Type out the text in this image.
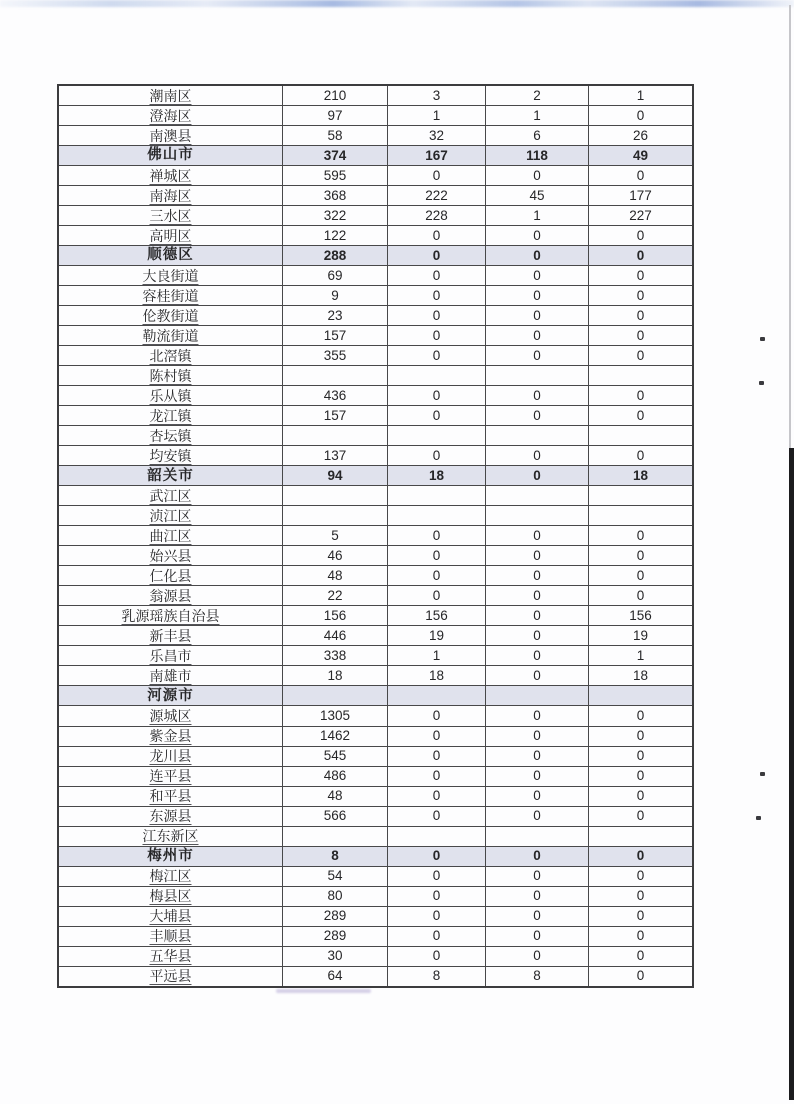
潮南区	210	3	2	1
澄海区	97	1	1	0
南澳县	58	32	6	26
佛山市	374	167	118	49
禅城区	595	0	0	0
南海区	368	222	45	177
三水区	322	228	1	227
高明区	122	0	0	0
顺德区	288	0	0	0
大良街道	69	0	0	0
容桂街道	9	0	0	0
伦教街道	23	0	0	0
勒流街道	157	0	0	0
北滘镇	355	0	0	0
陈村镇
乐从镇	436	0	0	0
龙江镇	157	0	0	0
杏坛镇
均安镇	137	0	0	0
韶关市	94	18	0	18
武江区
浈江区
曲江区	5	0	0	0
始兴县	46	0	0	0
仁化县	48	0	0	0
翁源县	22	0	0	0
乳源瑶族自治县	156	156	0	156
新丰县	446	19	0	19
乐昌市	338	1	0	1
南雄市	18	18	0	18
河源市
源城区	1305	0	0	0
紫金县	1462	0	0	0
龙川县	545	0	0	0
连平县	486	0	0	0
和平县	48	0	0	0
东源县	566	0	0	0
江东新区
梅州市	8	0	0	0
梅江区	54	0	0	0
梅县区	80	0	0	0
大埔县	289	0	0	0
丰顺县	289	0	0	0
五华县	30	0	0	0
平远县	64	8	8	0
